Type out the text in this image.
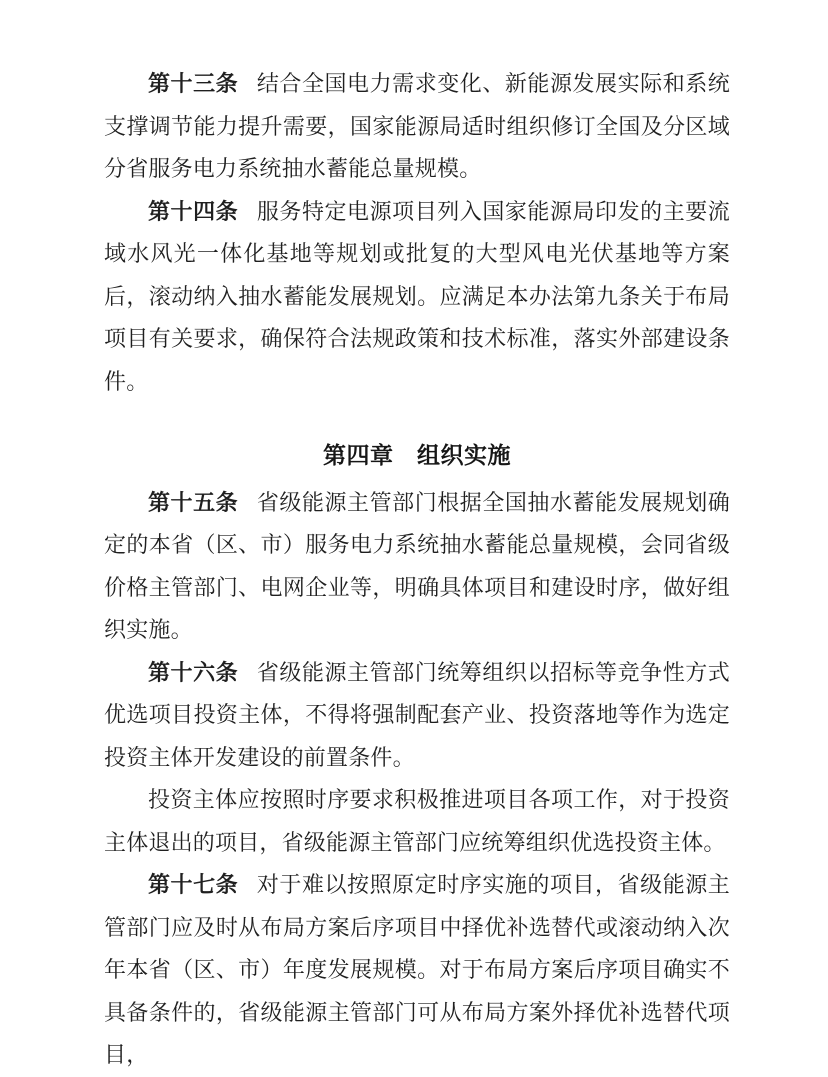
第十三条 结合全国电力需求变化、新能源发展实际和系统支撑调节能力提升需要，国家能源局适时组织修订全国及分区域分省服务电力系统抽水蓄能总量规模。

第十四条 服务特定电源项目列入国家能源局印发的主要流域水风光一体化基地等规划或批复的大型风电光伏基地等方案后，滚动纳入抽水蓄能发展规划。应满足本办法第九条关于布局项目有关要求，确保符合法规政策和技术标准，落实外部建设条件。

第四章　组织实施

第十五条 省级能源主管部门根据全国抽水蓄能发展规划确定的本省（区、市）服务电力系统抽水蓄能总量规模，会同省级价格主管部门、电网企业等，明确具体项目和建设时序，做好组织实施。

第十六条 省级能源主管部门统筹组织以招标等竞争性方式优选项目投资主体，不得将强制配套产业、投资落地等作为选定投资主体开发建设的前置条件。

投资主体应按照时序要求积极推进项目各项工作，对于投资主体退出的项目，省级能源主管部门应统筹组织优选投资主体。

第十七条 对于难以按照原定时序实施的项目，省级能源主管部门应及时从布局方案后序项目中择优补选替代或滚动纳入次年本省（区、市）年度发展规模。对于布局方案后序项目确实不具备条件的，省级能源主管部门可从布局方案外择优补选替代项目，
